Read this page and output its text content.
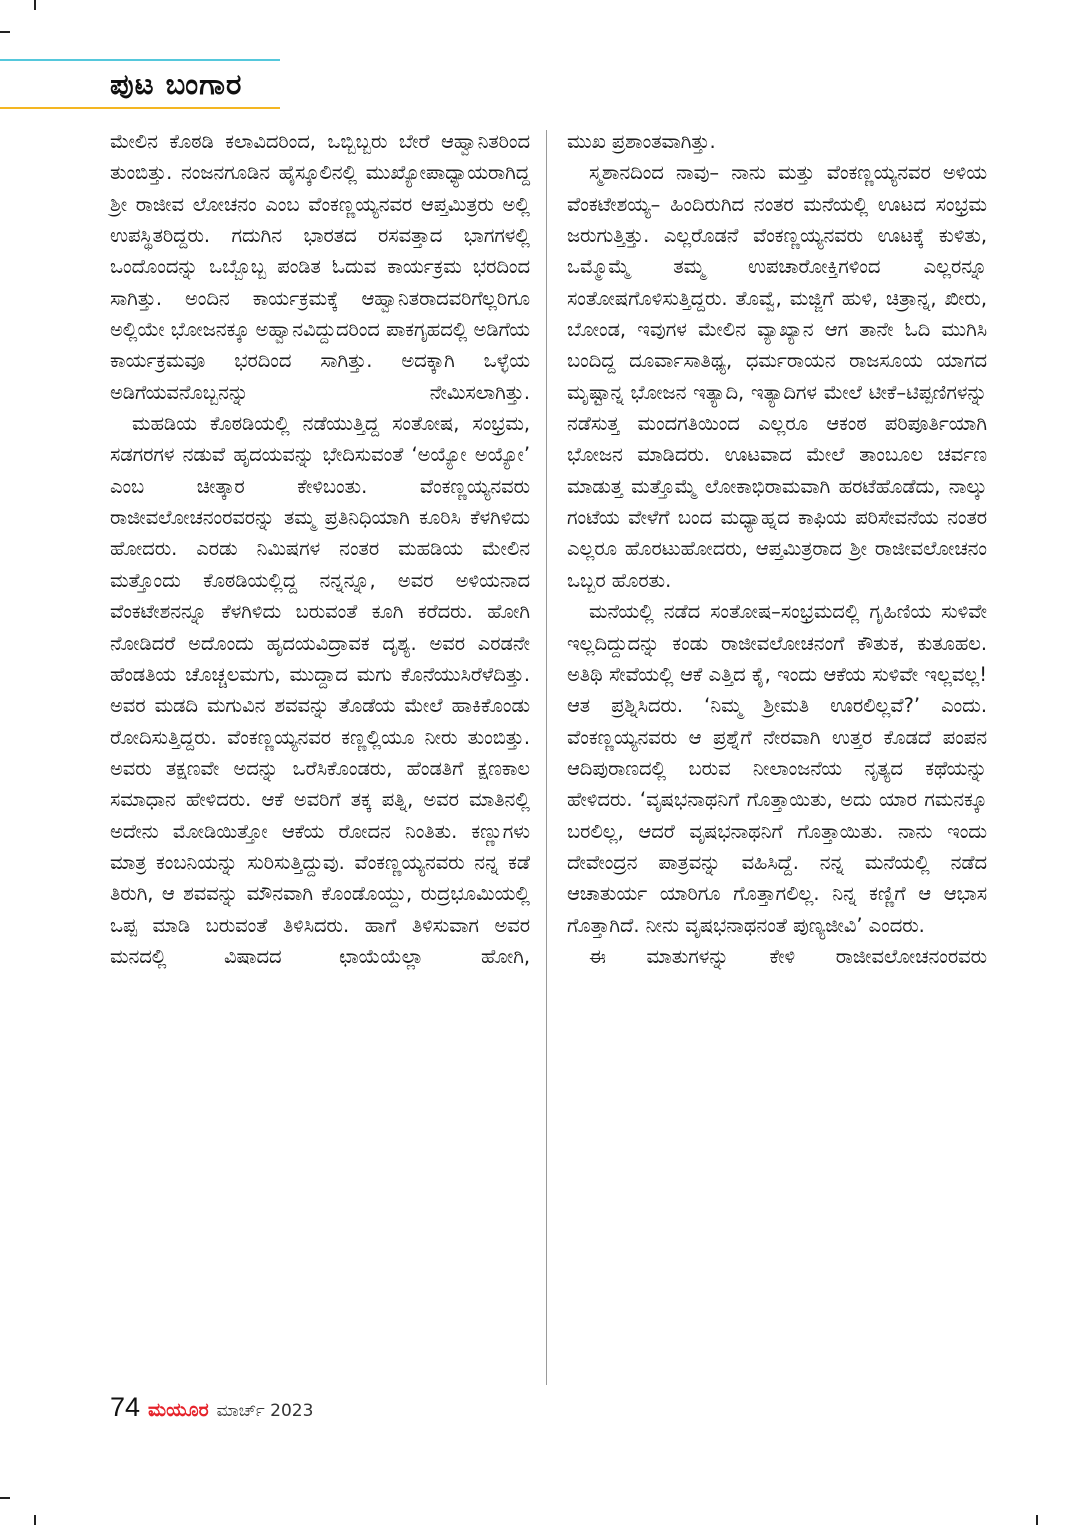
ಪುಟ ಬಂಗಾರ

ಮೇಲಿನ ಕೊಠಡಿ ಕಲಾವಿದರಿಂದ, ಒಬ್ಬಿಬ್ಬರು ಬೇರೆ ಆಹ್ವಾನಿತರಿಂದ ತುಂಬಿತ್ತು. ನಂಜನಗೂಡಿನ ಹೈಸ್ಕೂಲಿನಲ್ಲಿ ಮುಖ್ಯೋಪಾಧ್ಯಾಯರಾಗಿದ್ದ ಶ್ರೀ ರಾಜೀವ ಲೋಚನಂ ಎಂಬ ವೆಂಕಣ್ಣಯ್ಯನವರ ಆಪ್ತಮಿತ್ರರು ಅಲ್ಲಿ ಉಪಸ್ಥಿತರಿದ್ದರು. ಗದುಗಿನ ಭಾರತದ ರಸವತ್ತಾದ ಭಾಗಗಳಲ್ಲಿ ಒಂದೊಂದನ್ನು ಒಬ್ಬೊಬ್ಬ ಪಂಡಿತ ಓದುವ ಕಾರ್ಯಕ್ರಮ ಭರದಿಂದ ಸಾಗಿತ್ತು. ಅಂದಿನ ಕಾರ್ಯಕ್ರಮಕ್ಕೆ ಆಹ್ವಾನಿತರಾದವರಿಗೆಲ್ಲರಿಗೂ ಅಲ್ಲಿಯೇ ಭೋಜನಕ್ಕೂ ಅಹ್ವಾನವಿದ್ದುದರಿಂದ ಪಾಕಗೃಹದಲ್ಲಿ ಅಡಿಗೆಯ ಕಾರ್ಯಕ್ರಮವೂ ಭರದಿಂದ ಸಾಗಿತ್ತು. ಅದಕ್ಕಾಗಿ ಒಳ್ಳೆಯ ಅಡಿಗೆಯವನೊಬ್ಬನನ್ನು ನೇಮಿಸಲಾಗಿತ್ತು.

ಮಹಡಿಯ ಕೊಠಡಿಯಲ್ಲಿ ನಡೆಯುತ್ತಿದ್ದ ಸಂತೋಷ, ಸಂಭ್ರಮ, ಸಡಗರಗಳ ನಡುವೆ ಹೃದಯವನ್ನು ಭೇದಿಸುವಂತೆ ‘ಅಯ್ಯೋ ಅಯ್ಯೋ’ ಎಂಬ ಚೀತ್ಕಾರ ಕೇಳಿಬಂತು. ವೆಂಕಣ್ಣಯ್ಯನವರು ರಾಜೀವಲೋಚನಂರವರನ್ನು ತಮ್ಮ ಪ್ರತಿನಿಧಿಯಾಗಿ ಕೂರಿಸಿ ಕೆಳಗಿಳಿದು ಹೋದರು. ಎರಡು ನಿಮಿಷಗಳ ನಂತರ ಮಹಡಿಯ ಮೇಲಿನ ಮತ್ತೊಂದು ಕೊಠಡಿಯಲ್ಲಿದ್ದ ನನ್ನನ್ನೂ, ಅವರ ಅಳಿಯನಾದ ವೆಂಕಟೇಶನನ್ನೂ ಕೆಳಗಿಳಿದು ಬರುವಂತೆ ಕೂಗಿ ಕರೆದರು. ಹೋಗಿ ನೋಡಿದರೆ ಅದೊಂದು ಹೃದಯವಿದ್ರಾವಕ ದೃಶ್ಯ. ಅವರ ಎರಡನೇ ಹೆಂಡತಿಯ ಚೊಚ್ಚಲಮಗು, ಮುದ್ದಾದ ಮಗು ಕೊನೆಯುಸಿರೆಳೆದಿತ್ತು. ಅವರ ಮಡದಿ ಮಗುವಿನ ಶವವನ್ನು ತೊಡೆಯ ಮೇಲೆ ಹಾಕಿಕೊಂಡು ರೋದಿಸುತ್ತಿದ್ದರು. ವೆಂಕಣ್ಣಯ್ಯನವರ ಕಣ್ಣಲ್ಲಿಯೂ ನೀರು ತುಂಬಿತ್ತು. ಅವರು ತಕ್ಷಣವೇ ಅದನ್ನು ಒರೆಸಿಕೊಂಡರು, ಹೆಂಡತಿಗೆ ಕ್ಷಣಕಾಲ ಸಮಾಧಾನ ಹೇಳಿದರು. ಆಕೆ ಅವರಿಗೆ ತಕ್ಕ ಪತ್ನಿ, ಅವರ ಮಾತಿನಲ್ಲಿ ಅದೇನು ಮೋಡಿಯಿತ್ತೋ ಆಕೆಯ ರೋದನ ನಿಂತಿತು. ಕಣ್ಣುಗಳು ಮಾತ್ರ ಕಂಬನಿಯನ್ನು ಸುರಿಸುತ್ತಿದ್ದುವು. ವೆಂಕಣ್ಣಯ್ಯನವರು ನನ್ನ ಕಡೆ ತಿರುಗಿ, ಆ ಶವವನ್ನು ಮೌನವಾಗಿ ಕೊಂಡೊಯ್ದು, ರುದ್ರಭೂಮಿಯಲ್ಲಿ ಒಪ್ಪ ಮಾಡಿ ಬರುವಂತೆ ತಿಳಿಸಿದರು. ಹಾಗೆ ತಿಳಿಸುವಾಗ ಅವರ ಮನದಲ್ಲಿ ವಿಷಾದದ ಛಾಯೆಯೆಲ್ಲಾ ಹೋಗಿ,

ಮುಖ ಪ್ರಶಾಂತವಾಗಿತ್ತು.

ಸ್ಮಶಾನದಿಂದ ನಾವು– ನಾನು ಮತ್ತು ವೆಂಕಣ್ಣಯ್ಯನವರ ಅಳಿಯ ವೆಂಕಟೇಶಯ್ಯ– ಹಿಂದಿರುಗಿದ ನಂತರ ಮನೆಯಲ್ಲಿ ಊಟದ ಸಂಭ್ರಮ ಜರುಗುತ್ತಿತ್ತು. ಎಲ್ಲರೊಡನೆ ವೆಂಕಣ್ಣಯ್ಯನವರು ಊಟಕ್ಕೆ ಕುಳಿತು, ಒಮ್ಮೊಮ್ಮೆ ತಮ್ಮ ಉಪಚಾರೋಕ್ತಿಗಳಿಂದ ಎಲ್ಲರನ್ನೂ ಸಂತೋಷಗೊಳಿಸುತ್ತಿದ್ದರು. ತೊವ್ವೆ, ಮಜ್ಜಿಗೆ ಹುಳಿ, ಚಿತ್ರಾನ್ನ, ಖೀರು, ಬೋಂಡ, ಇವುಗಳ ಮೇಲಿನ ವ್ಯಾಖ್ಯಾನ ಆಗ ತಾನೇ ಓದಿ ಮುಗಿಸಿ ಬಂದಿದ್ದ ದೂರ್ವಾಸಾತಿಥ್ಯ, ಧರ್ಮರಾಯನ ರಾಜಸೂಯ ಯಾಗದ ಮೃಷ್ಟಾನ್ನ ಭೋಜನ ಇತ್ಯಾದಿ, ಇತ್ಯಾದಿಗಳ ಮೇಲೆ ಟೀಕೆ–ಟಿಪ್ಪಣಿಗಳನ್ನು ನಡೆಸುತ್ತ ಮಂದಗತಿಯಿಂದ ಎಲ್ಲರೂ ಆಕಂಠ ಪರಿಪೂರ್ತಿಯಾಗಿ ಭೋಜನ ಮಾಡಿದರು. ಊಟವಾದ ಮೇಲೆ ತಾಂಬೂಲ ಚರ್ವಣ ಮಾಡುತ್ತ ಮತ್ತೊಮ್ಮೆ ಲೋಕಾಭಿರಾಮವಾಗಿ ಹರಟೆಹೊಡೆದು, ನಾಲ್ಕು ಗಂಟೆಯ ವೇಳೆಗೆ ಬಂದ ಮಧ್ಯಾಹ್ನದ ಕಾಫಿಯ ಪರಿಸೇವನೆಯ ನಂತರ ಎಲ್ಲರೂ ಹೊರಟುಹೋದರು, ಆಪ್ತಮಿತ್ರರಾದ ಶ್ರೀ ರಾಜೀವಲೋಚನಂ ಒಬ್ಬರ ಹೊರತು.

ಮನೆಯಲ್ಲಿ ನಡೆದ ಸಂತೋಷ–ಸಂಭ್ರಮದಲ್ಲಿ ಗೃಹಿಣಿಯ ಸುಳಿವೇ ಇಲ್ಲದಿದ್ದುದನ್ನು ಕಂಡು ರಾಜೀವಲೋಚನಂಗೆ ಕೌತುಕ, ಕುತೂಹಲ. ಅತಿಥಿ ಸೇವೆಯಲ್ಲಿ ಆಕೆ ಎತ್ತಿದ ಕೈ, ಇಂದು ಆಕೆಯ ಸುಳಿವೇ ಇಲ್ಲವಲ್ಲ! ಆತ ಪ್ರಶ್ನಿಸಿದರು. ‘ನಿಮ್ಮ ಶ್ರೀಮತಿ ಊರಲಿಲ್ಲವೆ?’ ಎಂದು. ವೆಂಕಣ್ಣಯ್ಯನವರು ಆ ಪ್ರಶ್ನೆಗೆ ನೇರವಾಗಿ ಉತ್ತರ ಕೊಡದೆ ಪಂಪನ ಆದಿಪುರಾಣದಲ್ಲಿ ಬರುವ ನೀಲಾಂಜನೆಯ ನೃತ್ಯದ ಕಥೆಯನ್ನು ಹೇಳಿದರು. ‘ವೃಷಭನಾಥನಿಗೆ ಗೊತ್ತಾಯಿತು, ಅದು ಯಾರ ಗಮನಕ್ಕೂ ಬರಲಿಲ್ಲ, ಆದರೆ ವೃಷಭನಾಥನಿಗೆ ಗೊತ್ತಾಯಿತು. ನಾನು ಇಂದು ದೇವೇಂದ್ರನ ಪಾತ್ರವನ್ನು ವಹಿಸಿದ್ದೆ. ನನ್ನ ಮನೆಯಲ್ಲಿ ನಡೆದ ಆಚಾತುರ್ಯ ಯಾರಿಗೂ ಗೊತ್ತಾಗಲಿಲ್ಲ. ನಿನ್ನ ಕಣ್ಣಿಗೆ ಆ ಆಭಾಸ ಗೊತ್ತಾಗಿದೆ. ನೀನು ವೃಷಭನಾಥನಂತೆ ಪುಣ್ಯಜೀವಿ’ ಎಂದರು.

ಈ ಮಾತುಗಳನ್ನು ಕೇಳಿ ರಾಜೀವಲೋಚನಂರವರು

74 ಮಯೂರ ಮಾರ್ಚ್ 2023
